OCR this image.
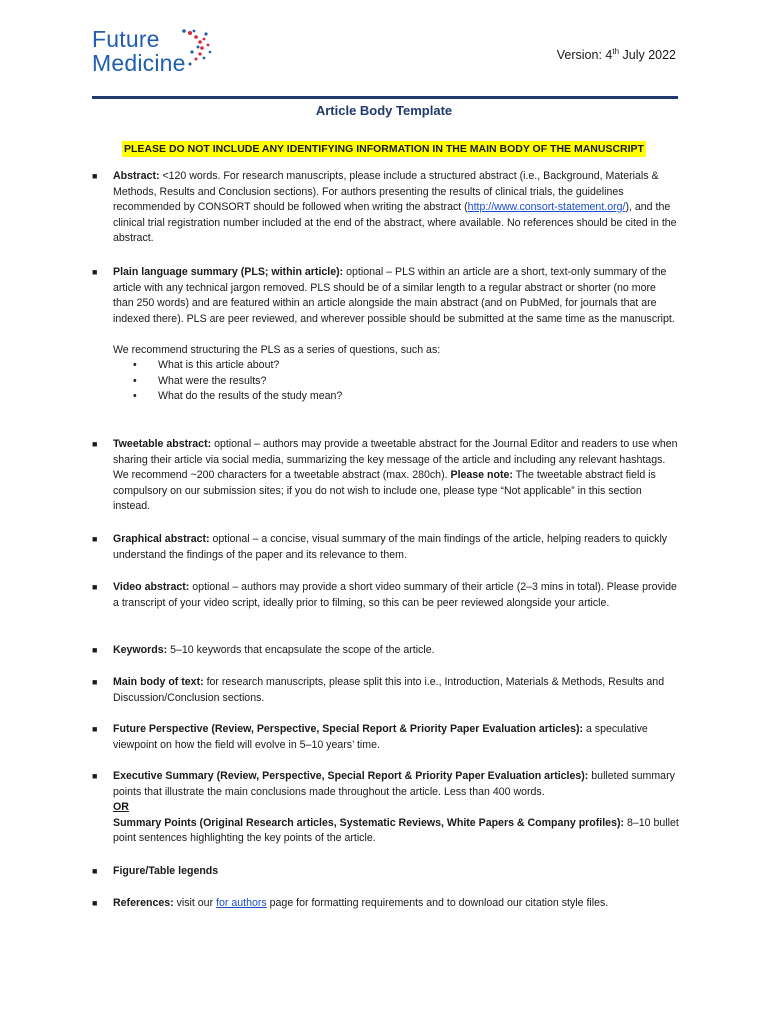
Future
Medicine	Version: 4th July 2022
Article Body Template
PLEASE DO NOT INCLUDE ANY IDENTIFYING INFORMATION IN THE MAIN BODY OF THE MANUSCRIPT
■ Abstract: <120 words. For research manuscripts, please include a structured abstract (i.e., Background, Materials & Methods, Results and Conclusion sections). For authors presenting the results of clinical trials, the guidelines recommended by CONSORT should be followed when writing the abstract (http://www.consort-statement.org/), and the clinical trial registration number included at the end of the abstract, where available. No references should be cited in the abstract.
■ Plain language summary (PLS; within article): optional – PLS within an article are a short, text-only summary of the article with any technical jargon removed. PLS should be of a similar length to a regular abstract or shorter (no more than 250 words) and are featured within an article alongside the main abstract (and on PubMed, for journals that are indexed there). PLS are peer reviewed, and wherever possible should be submitted at the same time as the manuscript.
We recommend structuring the PLS as a series of questions, such as:
• What is this article about?
• What were the results?
• What do the results of the study mean?
■ Tweetable abstract: optional – authors may provide a tweetable abstract for the Journal Editor and readers to use when sharing their article via social media, summarizing the key message of the article and including any relevant hashtags. We recommend ~200 characters for a tweetable abstract (max. 280ch). Please note: The tweetable abstract field is compulsory on our submission sites; if you do not wish to include one, please type “Not applicable” in this section instead.
■ Graphical abstract: optional – a concise, visual summary of the main findings of the article, helping readers to quickly understand the findings of the paper and its relevance to them.
■ Video abstract: optional – authors may provide a short video summary of their article (2–3 mins in total). Please provide a transcript of your video script, ideally prior to filming, so this can be peer reviewed alongside your article.
■ Keywords: 5–10 keywords that encapsulate the scope of the article.
■ Main body of text: for research manuscripts, please split this into i.e., Introduction, Materials & Methods, Results and Discussion/Conclusion sections.
■ Future Perspective (Review, Perspective, Special Report & Priority Paper Evaluation articles): a speculative viewpoint on how the field will evolve in 5–10 years’ time.
■ Executive Summary (Review, Perspective, Special Report & Priority Paper Evaluation articles): bulleted summary points that illustrate the main conclusions made throughout the article. Less than 400 words.
OR
Summary Points (Original Research articles, Systematic Reviews, White Papers & Company profiles): 8–10 bullet point sentences highlighting the key points of the article.
■ Figure/Table legends
■ References: visit our for authors page for formatting requirements and to download our citation style files.
